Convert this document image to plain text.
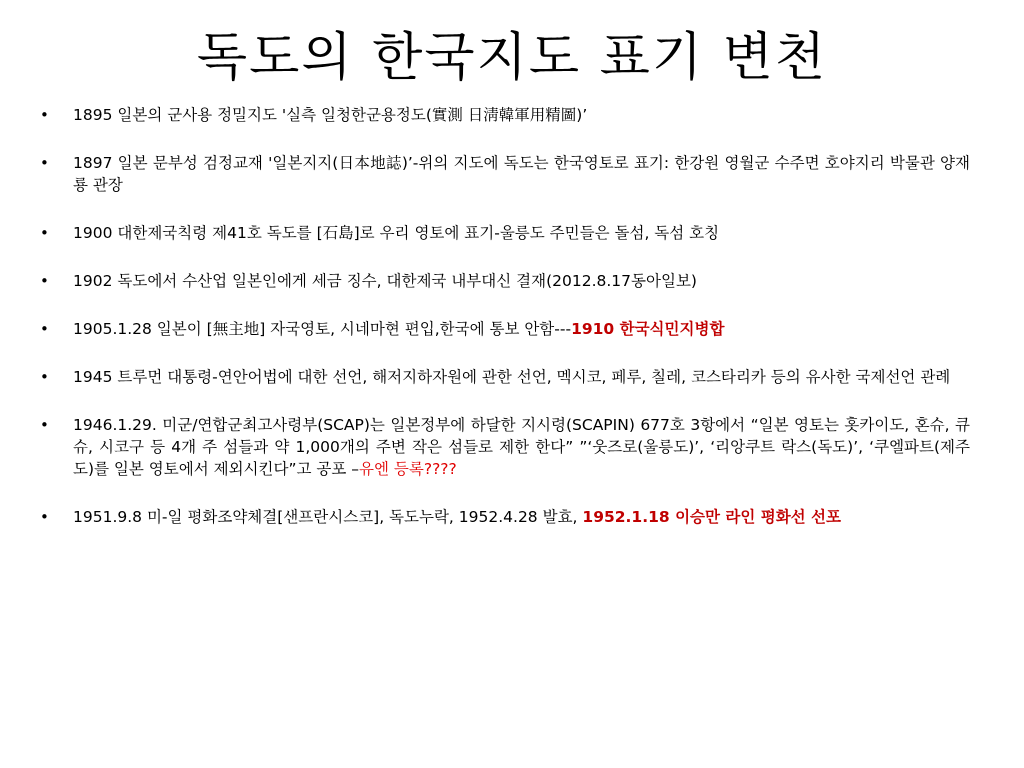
독도의 한국지도 표기 변천
•	1895 일본의 군사용 정밀지도 '실측 일청한군용정도(實測 日淸韓軍用精圖)’
•	1897 일본 문부성 검정교재 '일본지지(日本地誌)’-위의 지도에 독도는 한국영토로 표기: 한강원 영월군 수주면 호야지리 박물관 양재룡 관장
•	1900 대한제국칙령 제41호 독도를 [石島]로 우리 영토에 표기-울릉도 주민들은 돌섬, 독섬 호칭
•	1902 독도에서 수산업 일본인에게 세금 징수, 대한제국 내부대신 결재(2012.8.17동아일보)
•	1905.1.28 일본이 [無主地] 자국영토, 시네마현 편입,한국에 통보 안함---1910 한국식민지병합
•	1945 트루먼 대통령-연안어법에 대한 선언, 해저지하자원에 관한 선언, 멕시코, 페루, 칠레, 코스타리카 등의 유사한 국제선언 관례
•	1946.1.29. 미군/연합군최고사령부(SCAP)는 일본정부에 하달한 지시령(SCAPIN) 677호 3항에서 “일본 영토는 홋카이도, 혼슈, 큐슈, 시코구 등 4개 주 섬들과 약 1,000개의 주변 작은 섬들로 제한 한다” ”‘웃즈로(울릉도)’, ‘리앙쿠트 락스(독도)’, ‘쿠엘파트(제주도)를 일본 영토에서 제외시킨다”고 공포 –유엔 등록????
•	1951.9.8 미-일 평화조약체결[샌프란시스코], 독도누락, 1952.4.28 발효, 1952.1.18 이승만 라인 평화선 선포
